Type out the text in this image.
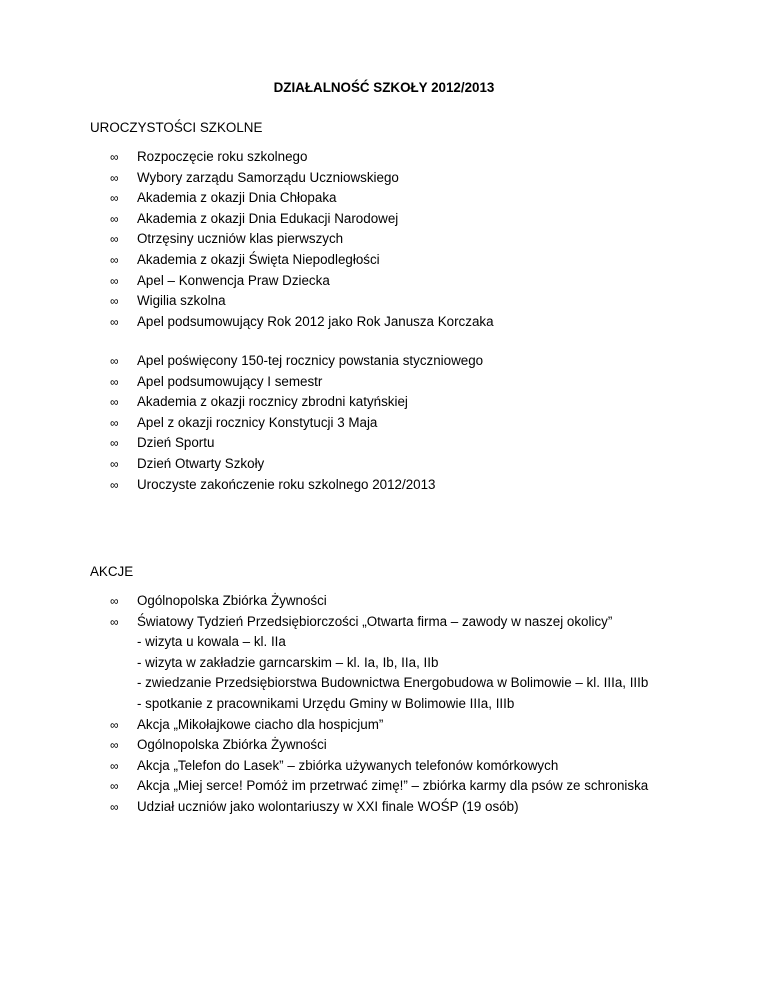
DZIAŁALNOŚĆ SZKOŁY 2012/2013
UROCZYSTOŚCI SZKOLNE
∞ Rozpoczęcie roku szkolnego
∞ Wybory zarządu Samorządu Uczniowskiego
∞ Akademia z okazji Dnia Chłopaka
∞ Akademia z okazji Dnia Edukacji Narodowej
∞ Otrzęsiny uczniów klas pierwszych
∞ Akademia z okazji Święta Niepodległości
∞ Apel – Konwencja Praw Dziecka
∞ Wigilia szkolna
∞ Apel podsumowujący Rok 2012 jako Rok Janusza Korczaka
∞ Apel poświęcony 150-tej rocznicy powstania styczniowego
∞ Apel podsumowujący I semestr
∞ Akademia z okazji rocznicy zbrodni katyńskiej
∞ Apel z okazji rocznicy Konstytucji 3 Maja
∞ Dzień Sportu
∞ Dzień Otwarty Szkoły
∞ Uroczyste zakończenie roku szkolnego 2012/2013
AKCJE
∞ Ogólnopolska Zbiórka Żywności
∞ Światowy Tydzień Przedsiębiorczości „Otwarta firma – zawody w naszej okolicy”
- wizyta u kowala – kl. IIa
- wizyta w zakładzie garncarskim – kl. Ia, Ib, IIa, IIb
- zwiedzanie Przedsiębiorstwa Budownictwa Energobudowa w Bolimowie – kl. IIIa, IIIb
- spotkanie z pracownikami Urzędu Gminy w Bolimowie IIIa, IIIb
∞ Akcja „Mikołajkowe ciacho dla hospicjum”
∞ Ogólnopolska Zbiórka Żywności
∞ Akcja „Telefon do Lasek” – zbiórka używanych telefonów komórkowych
∞ Akcja „Miej serce! Pomóż im przetrwać zimę!” – zbiórka karmy dla psów ze schroniska
∞ Udział uczniów jako wolontariuszy w XXI finale WOŚP (19 osób)
